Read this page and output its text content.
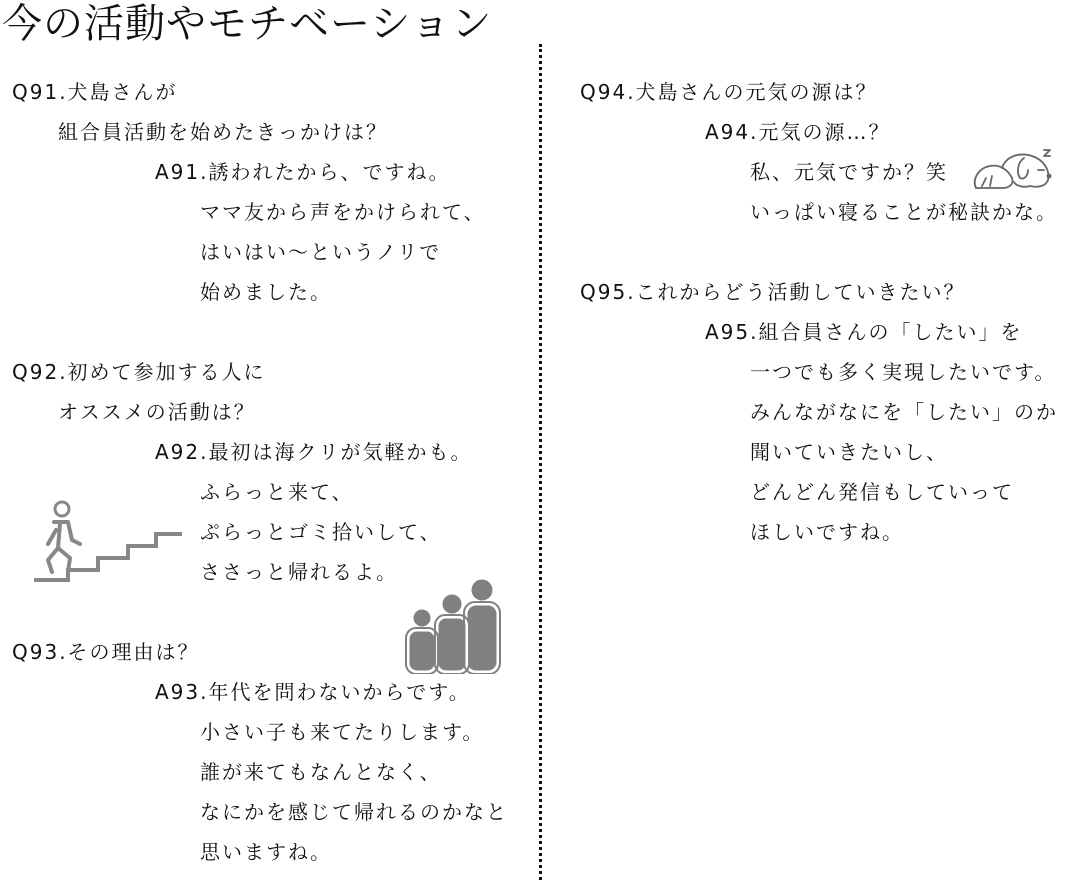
今の活動やモチベーション
Q91.犬島さんが
組合員活動を始めたきっかけは？
A91.誘われたから、ですね。
ママ友から声をかけられて、
はいはい～というノリで
始めました。
Q92.初めて参加する人に
オススメの活動は？
A92.最初は海クリが気軽かも。
ふらっと来て、
ぷらっとゴミ拾いして、
ささっと帰れるよ。
Q93.その理由は？
A93.年代を問わないからです。
小さい子も来てたりします。
誰が来てもなんとなく、
なにかを感じて帰れるのかなと
思いますね。
Q94.犬島さんの元気の源は？
A94.元気の源…？
私、元気ですか？笑
いっぱい寝ることが秘訣かな。
Q95.これからどう活動していきたい？
A95.組合員さんの「したい」を
一つでも多く実現したいです。
みんながなにを「したい」のか
聞いていきたいし、
どんどん発信もしていって
ほしいですね。
